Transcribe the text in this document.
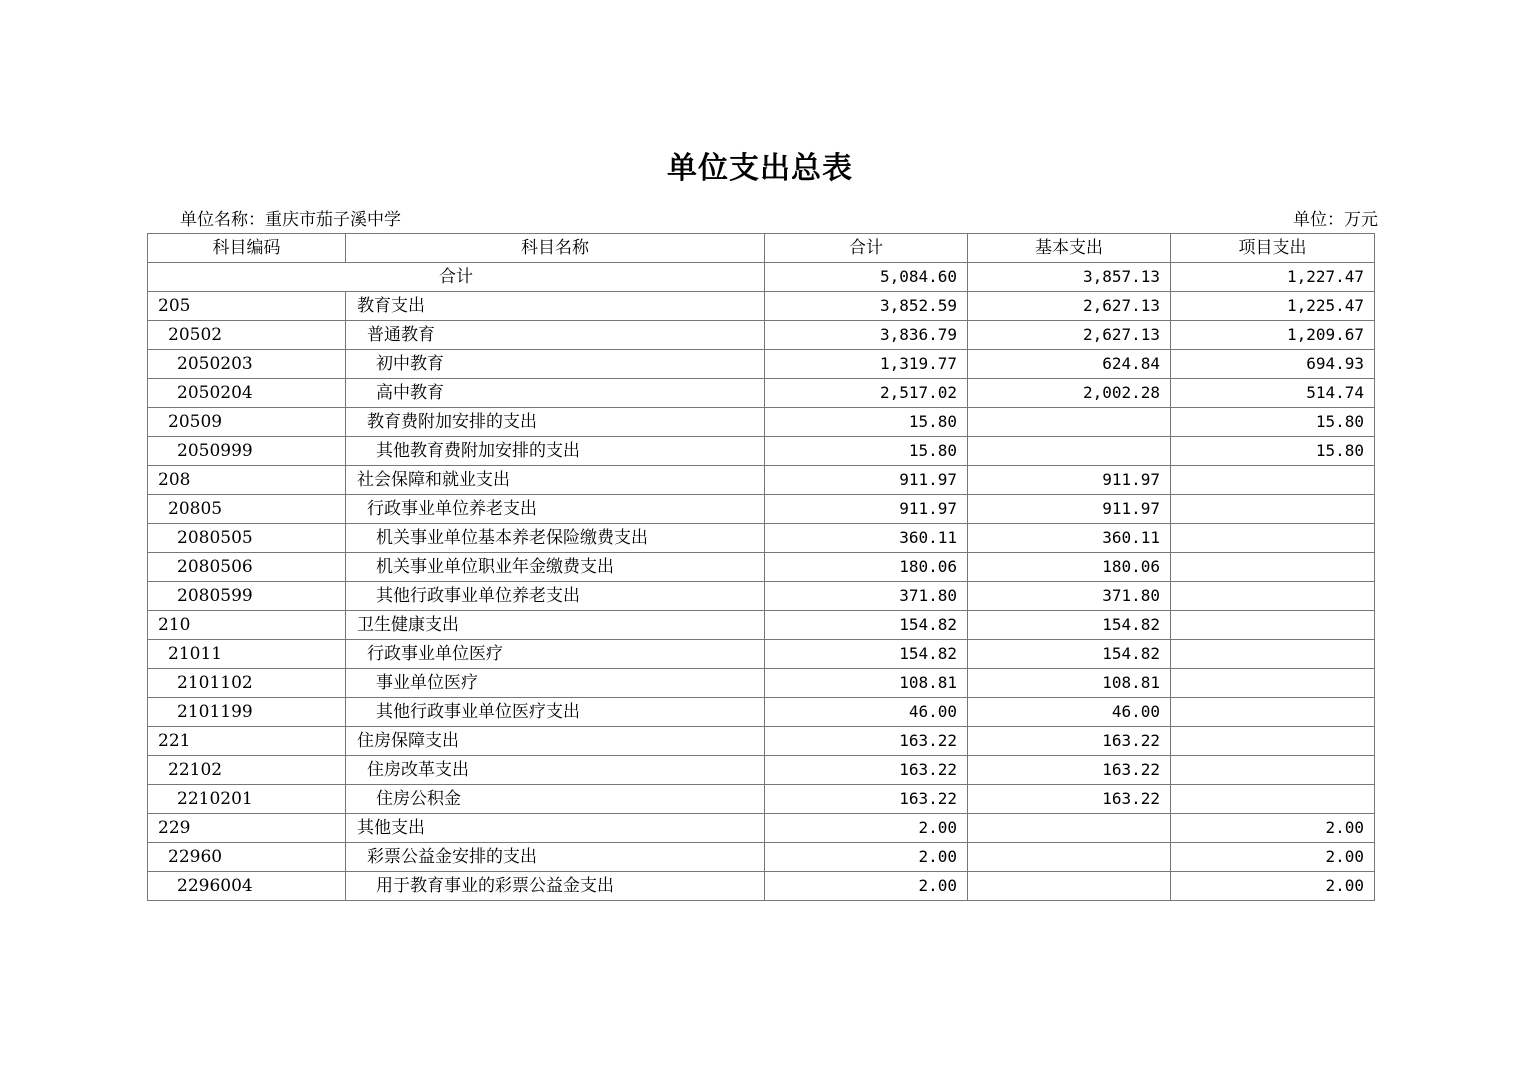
单位支出总表
单位名称：重庆市茄子溪中学	单位：万元
科目编码	科目名称	合计	基本支出	项目支出
合计		5,084.60	3,857.13	1,227.47
205	教育支出	3,852.59	2,627.13	1,225.47
20502	普通教育	3,836.79	2,627.13	1,209.67
2050203	初中教育	1,319.77	624.84	694.93
2050204	高中教育	2,517.02	2,002.28	514.74
20509	教育费附加安排的支出	15.80		15.80
2050999	其他教育费附加安排的支出	15.80		15.80
208	社会保障和就业支出	911.97	911.97	
20805	行政事业单位养老支出	911.97	911.97	
2080505	机关事业单位基本养老保险缴费支出	360.11	360.11	
2080506	机关事业单位职业年金缴费支出	180.06	180.06	
2080599	其他行政事业单位养老支出	371.80	371.80	
210	卫生健康支出	154.82	154.82	
21011	行政事业单位医疗	154.82	154.82	
2101102	事业单位医疗	108.81	108.81	
2101199	其他行政事业单位医疗支出	46.00	46.00	
221	住房保障支出	163.22	163.22	
22102	住房改革支出	163.22	163.22	
2210201	住房公积金	163.22	163.22	
229	其他支出	2.00		2.00
22960	彩票公益金安排的支出	2.00		2.00
2296004	用于教育事业的彩票公益金支出	2.00		2.00
